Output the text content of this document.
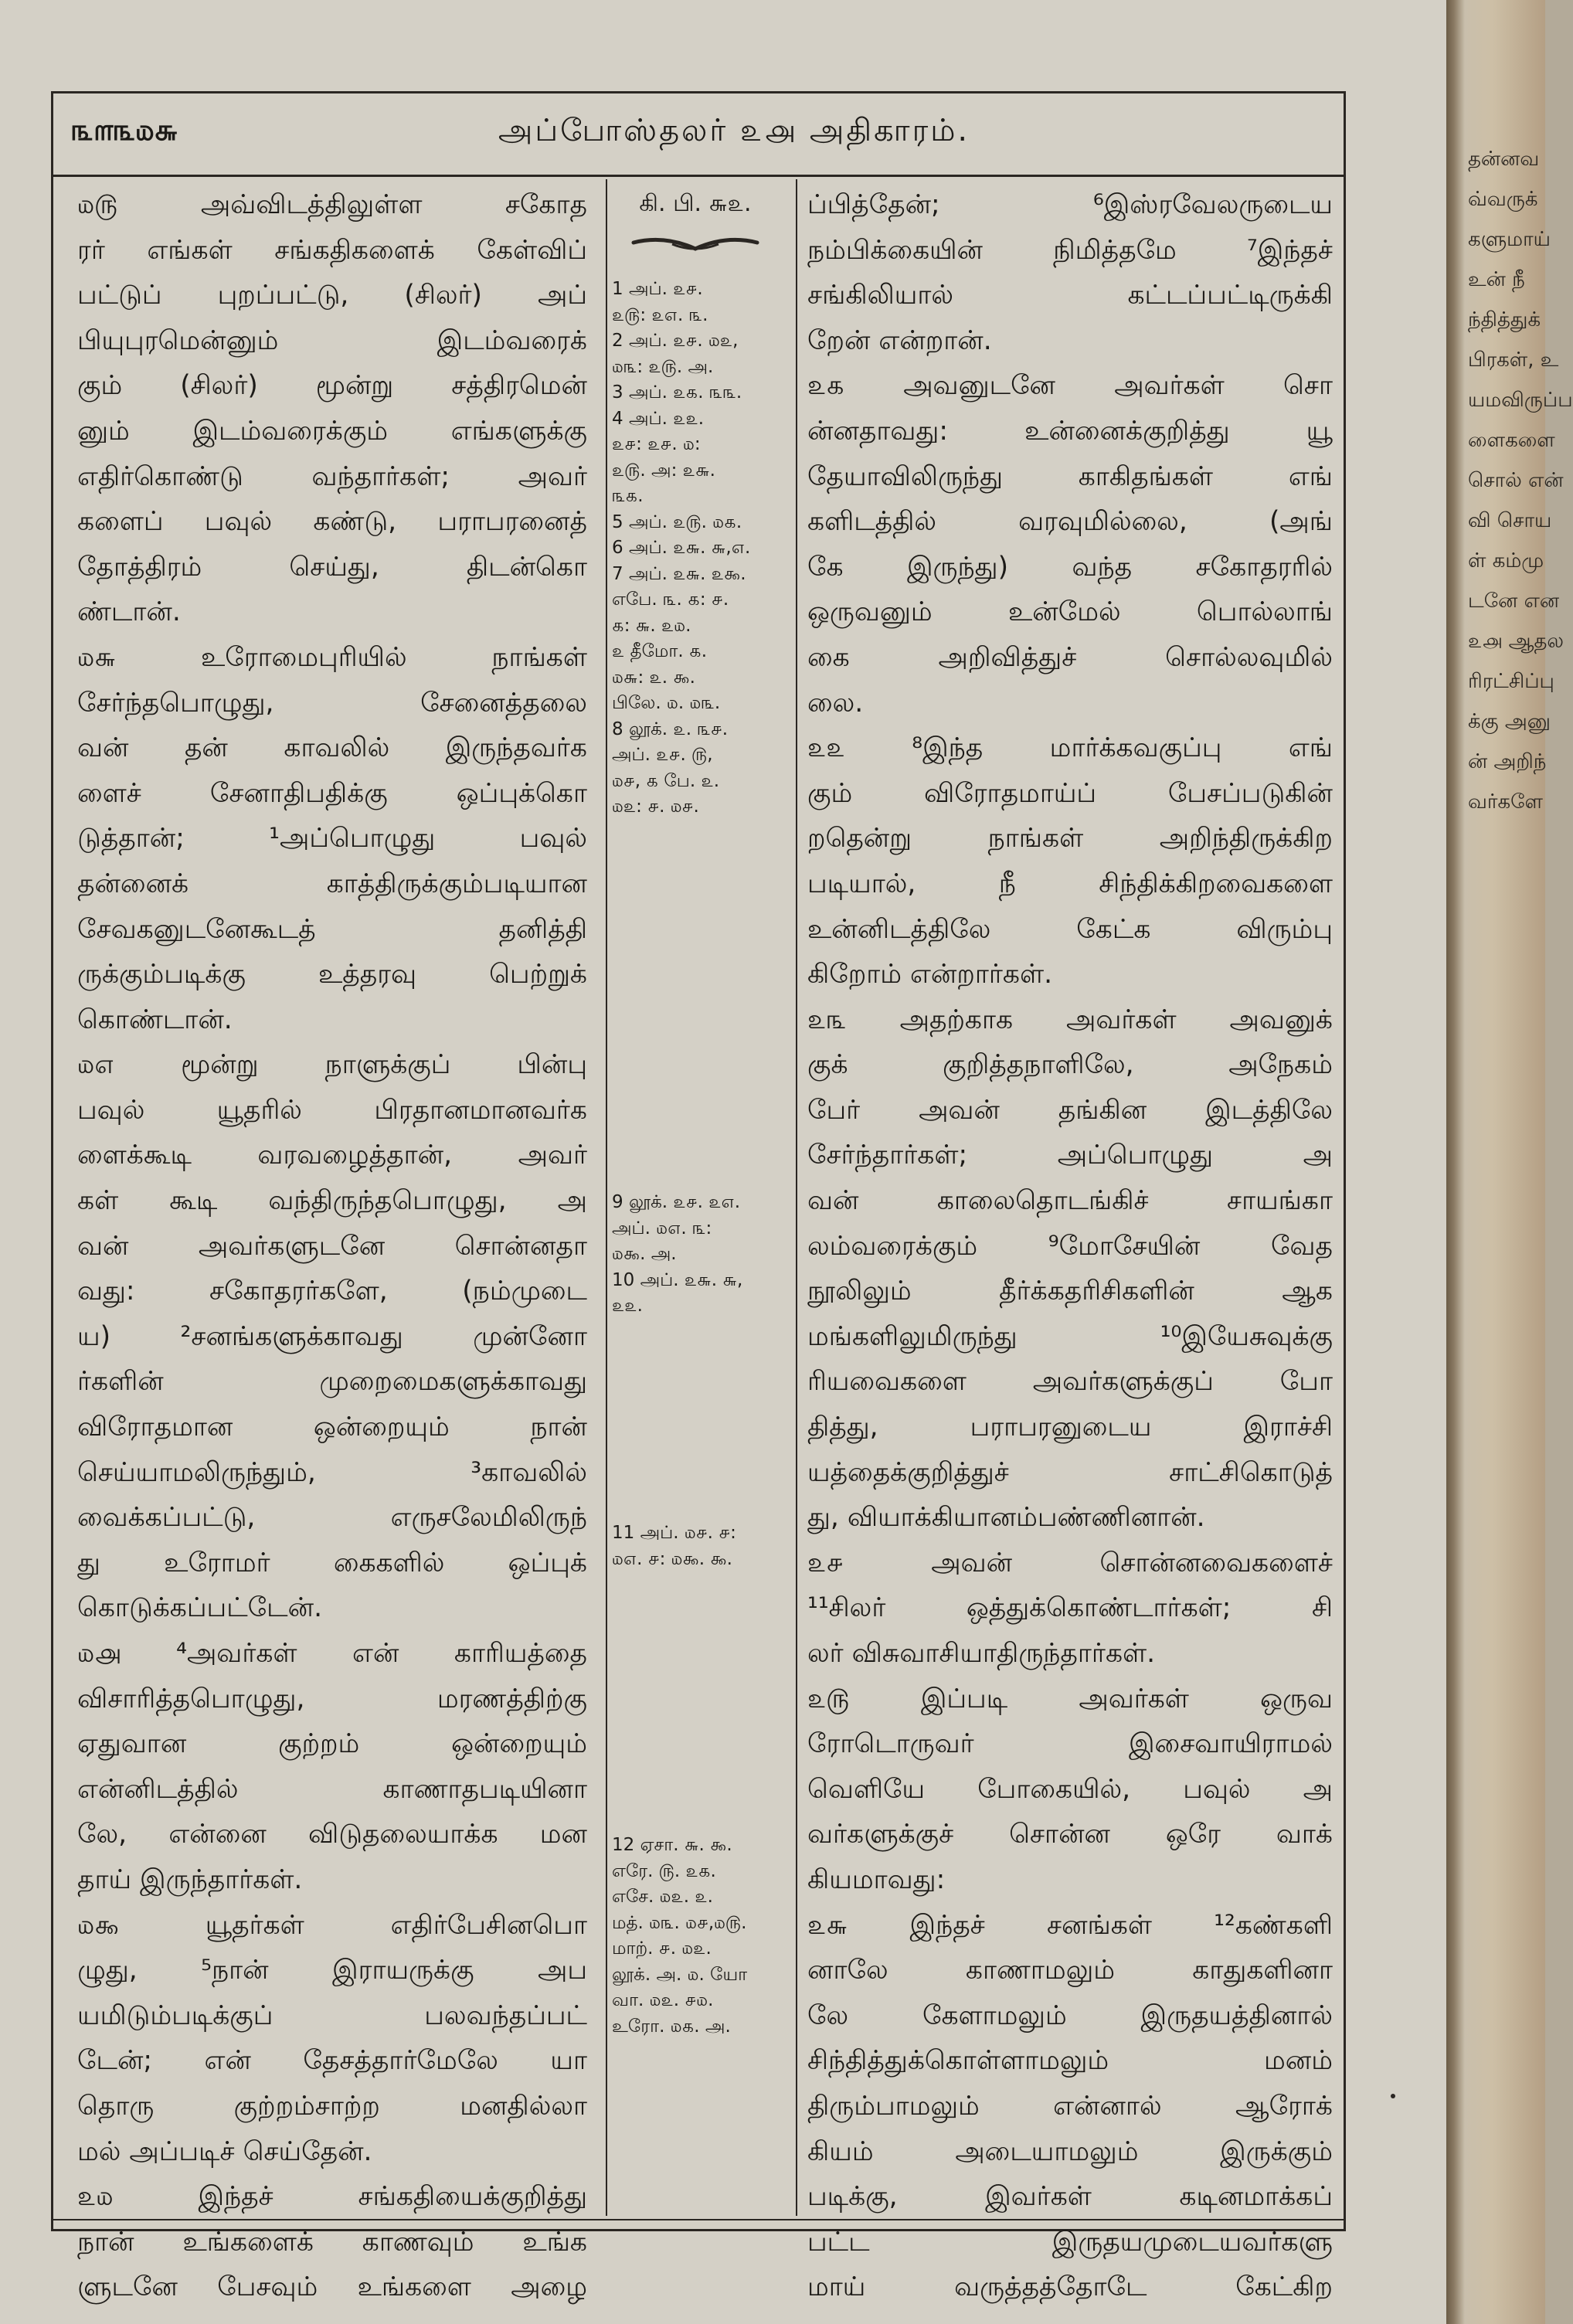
தன்னவ
வ்வருக்
களுமாய்
உன் நீ
ந்தித்துக்
பிரகள், உ
யமவிருப்ப
ளைகளை
சொல் என்
வி சொய
ள் கம்மு
டனே என
௨௮ ஆதல
ரிரட்சிப்பு
க்கு அனு
ன் அறிந்
வர்களே
௩௱௩௰௬	அப்போஸ்தலர் ௨௮ அதிகாரம்.
௰௫ அவ்விடத்திலுள்ள சகோத
ரர் எங்கள் சங்கதிகளைக் கேள்விப்
பட்டுப் புறப்பட்டு, (சிலர்) அப்
பியுபுரமென்னும் இடம்வரைக்
கும் (சிலர்) மூன்று சத்திரமென்
னும் இடம்வரைக்கும் எங்களுக்கு
எதிர்கொண்டு வந்தார்கள்; அவர்
களைப் பவுல் கண்டு, பராபரனைத்
தோத்திரம் செய்து, திடன்கொ
ண்டான்.
௰௬ உரோமைபுரியில் நாங்கள்
சேர்ந்தபொழுது, சேனைத்தலை
வன் தன் காவலில் இருந்தவர்க
ளைச் சேனாதிபதிக்கு ஒப்புக்கொ
டுத்தான்; ¹அப்பொழுது பவுல்
தன்னைக் காத்திருக்கும்படியான
சேவகனுடனேகூடத் தனித்தி
ருக்கும்படிக்கு உத்தரவு பெற்றுக்
கொண்டான்.
௰௭ மூன்று நாளுக்குப் பின்பு
பவுல் யூதரில் பிரதானமானவர்க
ளைக்கூடி வரவழைத்தான், அவர்
கள் கூடி வந்திருந்தபொழுது, அ
வன் அவர்களுடனே சொன்னதா
வது: சகோதரர்களே, (நம்முடை
ய) ²சனங்களுக்காவது முன்னோ
ர்களின் முறைமைகளுக்காவது
விரோதமான ஒன்றையும் நான்
செய்யாமலிருந்தும், ³காவலில்
வைக்கப்பட்டு, எருசலேமிலிருந்
து உரோமர் கைகளில் ஒப்புக்
கொடுக்கப்பட்டேன்.
௰௮ ⁴அவர்கள் என் காரியத்தை
விசாரித்தபொழுது, மரணத்திற்கு
ஏதுவான குற்றம் ஒன்றையும்
என்னிடத்தில் காணாதபடியினா
லே, என்னை விடுதலையாக்க மன
தாய் இருந்தார்கள்.
௰௯ யூதர்கள் எதிர்பேசினபொ
ழுது, ⁵நான் இராயருக்கு அப
யமிடும்படிக்குப் பலவந்தப்பட்
டேன்; என் தேசத்தார்மேலே யா
தொரு குற்றம்சாற்ற மனதில்லா
மல் அப்படிச் செய்தேன்.
௨௰ இந்தச் சங்கதியைக்குறித்து
நான் உங்களைக் காணவும் உங்க
ளுடனே பேசவும் உங்களை அழை
கி. பி. ௬௨.
1 அப். ௨௪.
௨௫: ௨௭. ௩.
2 அப். ௨௪. ௰௨,
௰௩: ௨௫. அ.
3 அப். ௨௧. ௩௩.
4 அப். ௨௨.
௨௪: ௨௪. ௰:
௨௫. அ: ௨௬.
௩௧.
5 அப். ௨௫. ௰௧.
6 அப். ௨௬. ௬,௭.
7 அப். ௨௬. ௨௯.
எபே. ௩. ௧: ௪.
௧: ௬. ௨௰.
௨ தீமோ. ௧.
௰௬: ௨. ௯.
பிலே. ௰. ௰௩.
8 லூக். ௨. ௩௪.
அப். ௨௪. ௫,
௰௪, ௧ பே. ௨.
௰௨: ௪. ௰௪.
9 லூக். ௨௪. ௨௭.
அப். ௰௭. ௩:
௰௯. அ.
10 அப். ௨௬. ௬,
௨௨.
11 அப். ௰௪. ௪:
௰௭. ௪: ௰௯. ௯.
12 ஏசா. ௬. ௯.
எரே. ௫. ௨௧.
எசே. ௰௨. ௨.
மத். ௰௩. ௰௪,௰௫.
மாற். ௪. ௰௨.
லூக். அ. ௰. யோ
வா. ௰௨. ௪௰.
உரோ. ௰௧. அ.
ப்பித்தேன்; ⁶இஸ்ரவேலருடைய
நம்பிக்கையின் நிமித்தமே ⁷இந்தச்
சங்கிலியால் கட்டப்பட்டிருக்கி
றேன் என்றான்.
௨௧ அவனுடனே அவர்கள் சொ
ன்னதாவது: உன்னைக்குறித்து யூ
தேயாவிலிருந்து காகிதங்கள் எங்
களிடத்தில் வரவுமில்லை, (அங்
கே இருந்து) வந்த சகோதரரில்
ஒருவனும் உன்மேல் பொல்லாங்
கை அறிவித்துச் சொல்லவுமில்
லை.
௨௨ ⁸இந்த மார்க்கவகுப்பு எங்
கும் விரோதமாய்ப் பேசப்படுகின்
றதென்று நாங்கள் அறிந்திருக்கிற
படியால், நீ சிந்திக்கிறவைகளை
உன்னிடத்திலே கேட்க விரும்பு
கிறோம் என்றார்கள்.
௨௩ அதற்காக அவர்கள் அவனுக்
குக் குறித்தநாளிலே, அநேகம்
பேர் அவன் தங்கின இடத்திலே
சேர்ந்தார்கள்; அப்பொழுது அ
வன் காலைதொடங்கிச் சாயங்கா
லம்வரைக்கும் ⁹மோசேயின் வேத
நூலிலும் தீர்க்கதரிசிகளின் ஆக
மங்களிலுமிருந்து ¹⁰இயேசுவுக்கு
ரியவைகளை அவர்களுக்குப் போ
தித்து, பராபரனுடைய இராச்சி
யத்தைக்குறித்துச் சாட்சிகொடுத்
து, வியாக்கியானம்பண்ணினான்.
௨௪ அவன் சொன்னவைகளைச்
¹¹சிலர் ஒத்துக்கொண்டார்கள்; சி
லர் விசுவாசியாதிருந்தார்கள்.
௨௫ இப்படி அவர்கள் ஒருவ
ரோடொருவர் இசைவாயிராமல்
வெளியே போகையில், பவுல் அ
வர்களுக்குச் சொன்ன ஒரே வாக்
கியமாவது:
௨௬ இந்தச் சனங்கள் ¹²கண்களி
னாலே காணாமலும் காதுகளினா
லே கேளாமலும் இருதயத்தினால்
சிந்தித்துக்கொள்ளாமலும் மனம்
திரும்பாமலும் என்னால் ஆரோக்
கியம் அடையாமலும் இருக்கும்
படிக்கு, இவர்கள் கடினமாக்கப்
பட்ட இருதயமுடையவர்களு
மாய் வருத்தத்தோடே கேட்கிற
